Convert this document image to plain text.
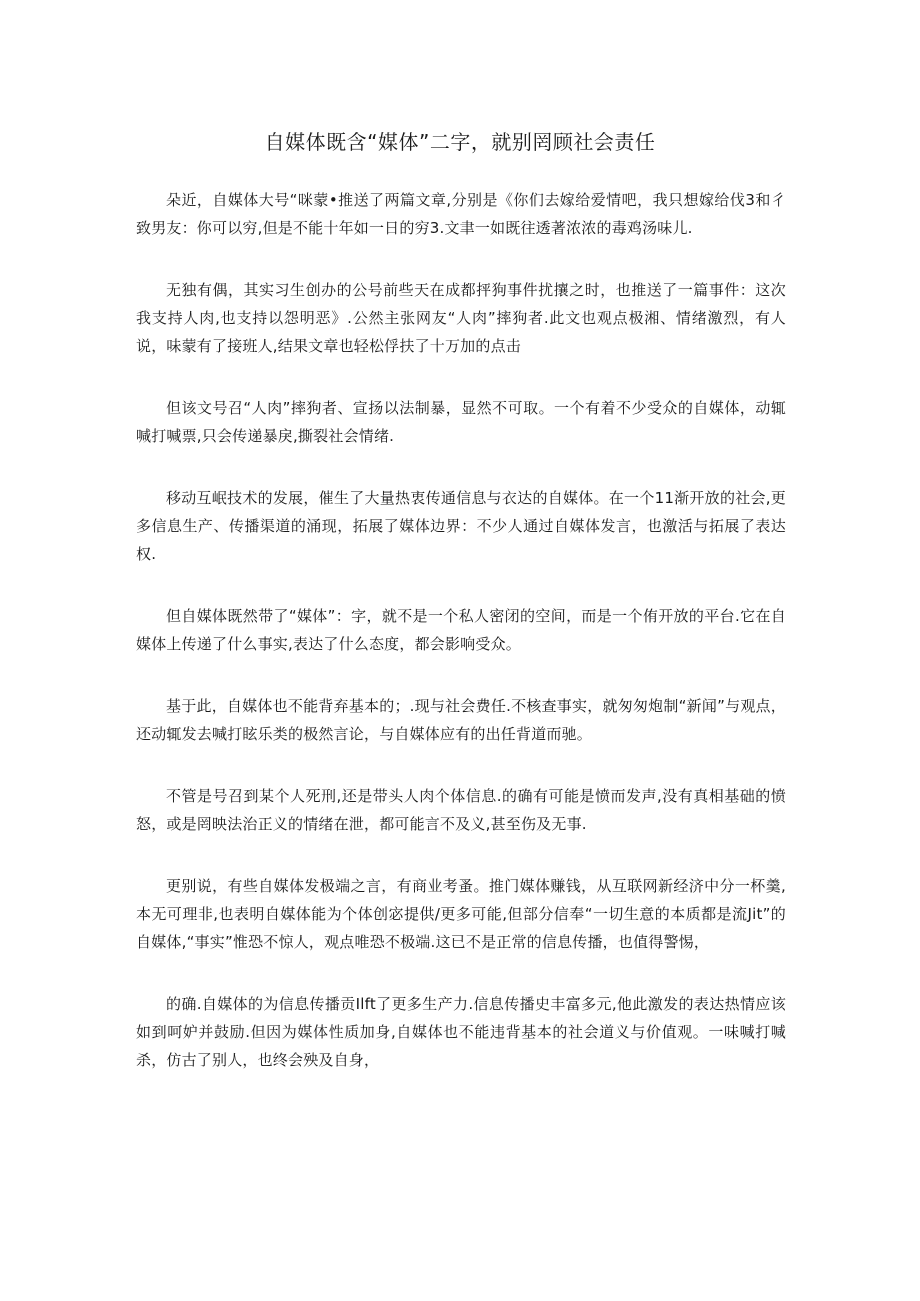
自媒体既含“媒体”二字，就别罔顾社会责任

朵近，自媒体大号“咪蒙•推送了两篇文章,分别是《你们去嫁给爱情吧，我只想嫁给伐3和彳致男友：你可以穷,但是不能十年如一日的穷3.文聿一如既往透著浓浓的毒鸡汤味儿.

无独有偶，其实习生创办的公号前些天在成都抨狗事件扰攘之时，也推送了一篇事件：这次我支持人肉,也支持以怨明恶》.公然主张网友“人肉”摔狗者.此文也观点极湘、情绪激烈，有人说，味蒙有了接班人,结果文章也轻松俘扶了十万加的点击

但该文号召“人肉”摔狗者、宣扬以法制暴，显然不可取。一个有着不少受众的自媒体，动辄喊打喊票,只会传递暴戾,撕裂社会情绪.

移动互岷技术的发展，催生了大量热衷传通信息与衣达的自媒体。在一个11渐开放的社会,更多信息生产、传播渠道的涌现，拓展了媒体边界：不少人通过自媒体发言，也激活与拓展了表达权.

但自媒体既然带了“媒体”：字，就不是一个私人密闭的空间，而是一个侑开放的平台.它在自媒体上传递了什么事实,表达了什么态度，都会影响受众。

基于此，自媒体也不能背弃基本的；.现与社会费任.不核查事实，就匆匆炮制“新闻”与观点，还动辄发去喊打眩乐类的极然言论，与自媒体应有的出任背道而驰。

不管是号召到某个人死刑,还是带头人肉个体信息.的确有可能是愤而发声,没有真相基础的愤怒，或是罔映法治正义的情绪在泄，都可能言不及义,甚至伤及无事.

更别说，有些自媒体发极端之言，有商业考蚤。推门媒体赚钱，从互联网新经济中分一杯羹,本无可理非,也表明自媒体能为个体创宓提供/更多可能,但部分信奉“一切生意的本质都是流Jit”的自媒体,“事实”惟恐不惊人，观点唯恐不极端.这已不是正常的信息传播，也值得警惕，

的确.自媒体的为信息传播贡Ilft了更多生产力.信息传播史丰富多元,他此激发的表达热情应该如到呵妒并鼓励.但因为媒体性质加身,自媒体也不能违背基本的社会道义与价值观。一味喊打喊杀，仿古了别人，也终会殃及自身，
